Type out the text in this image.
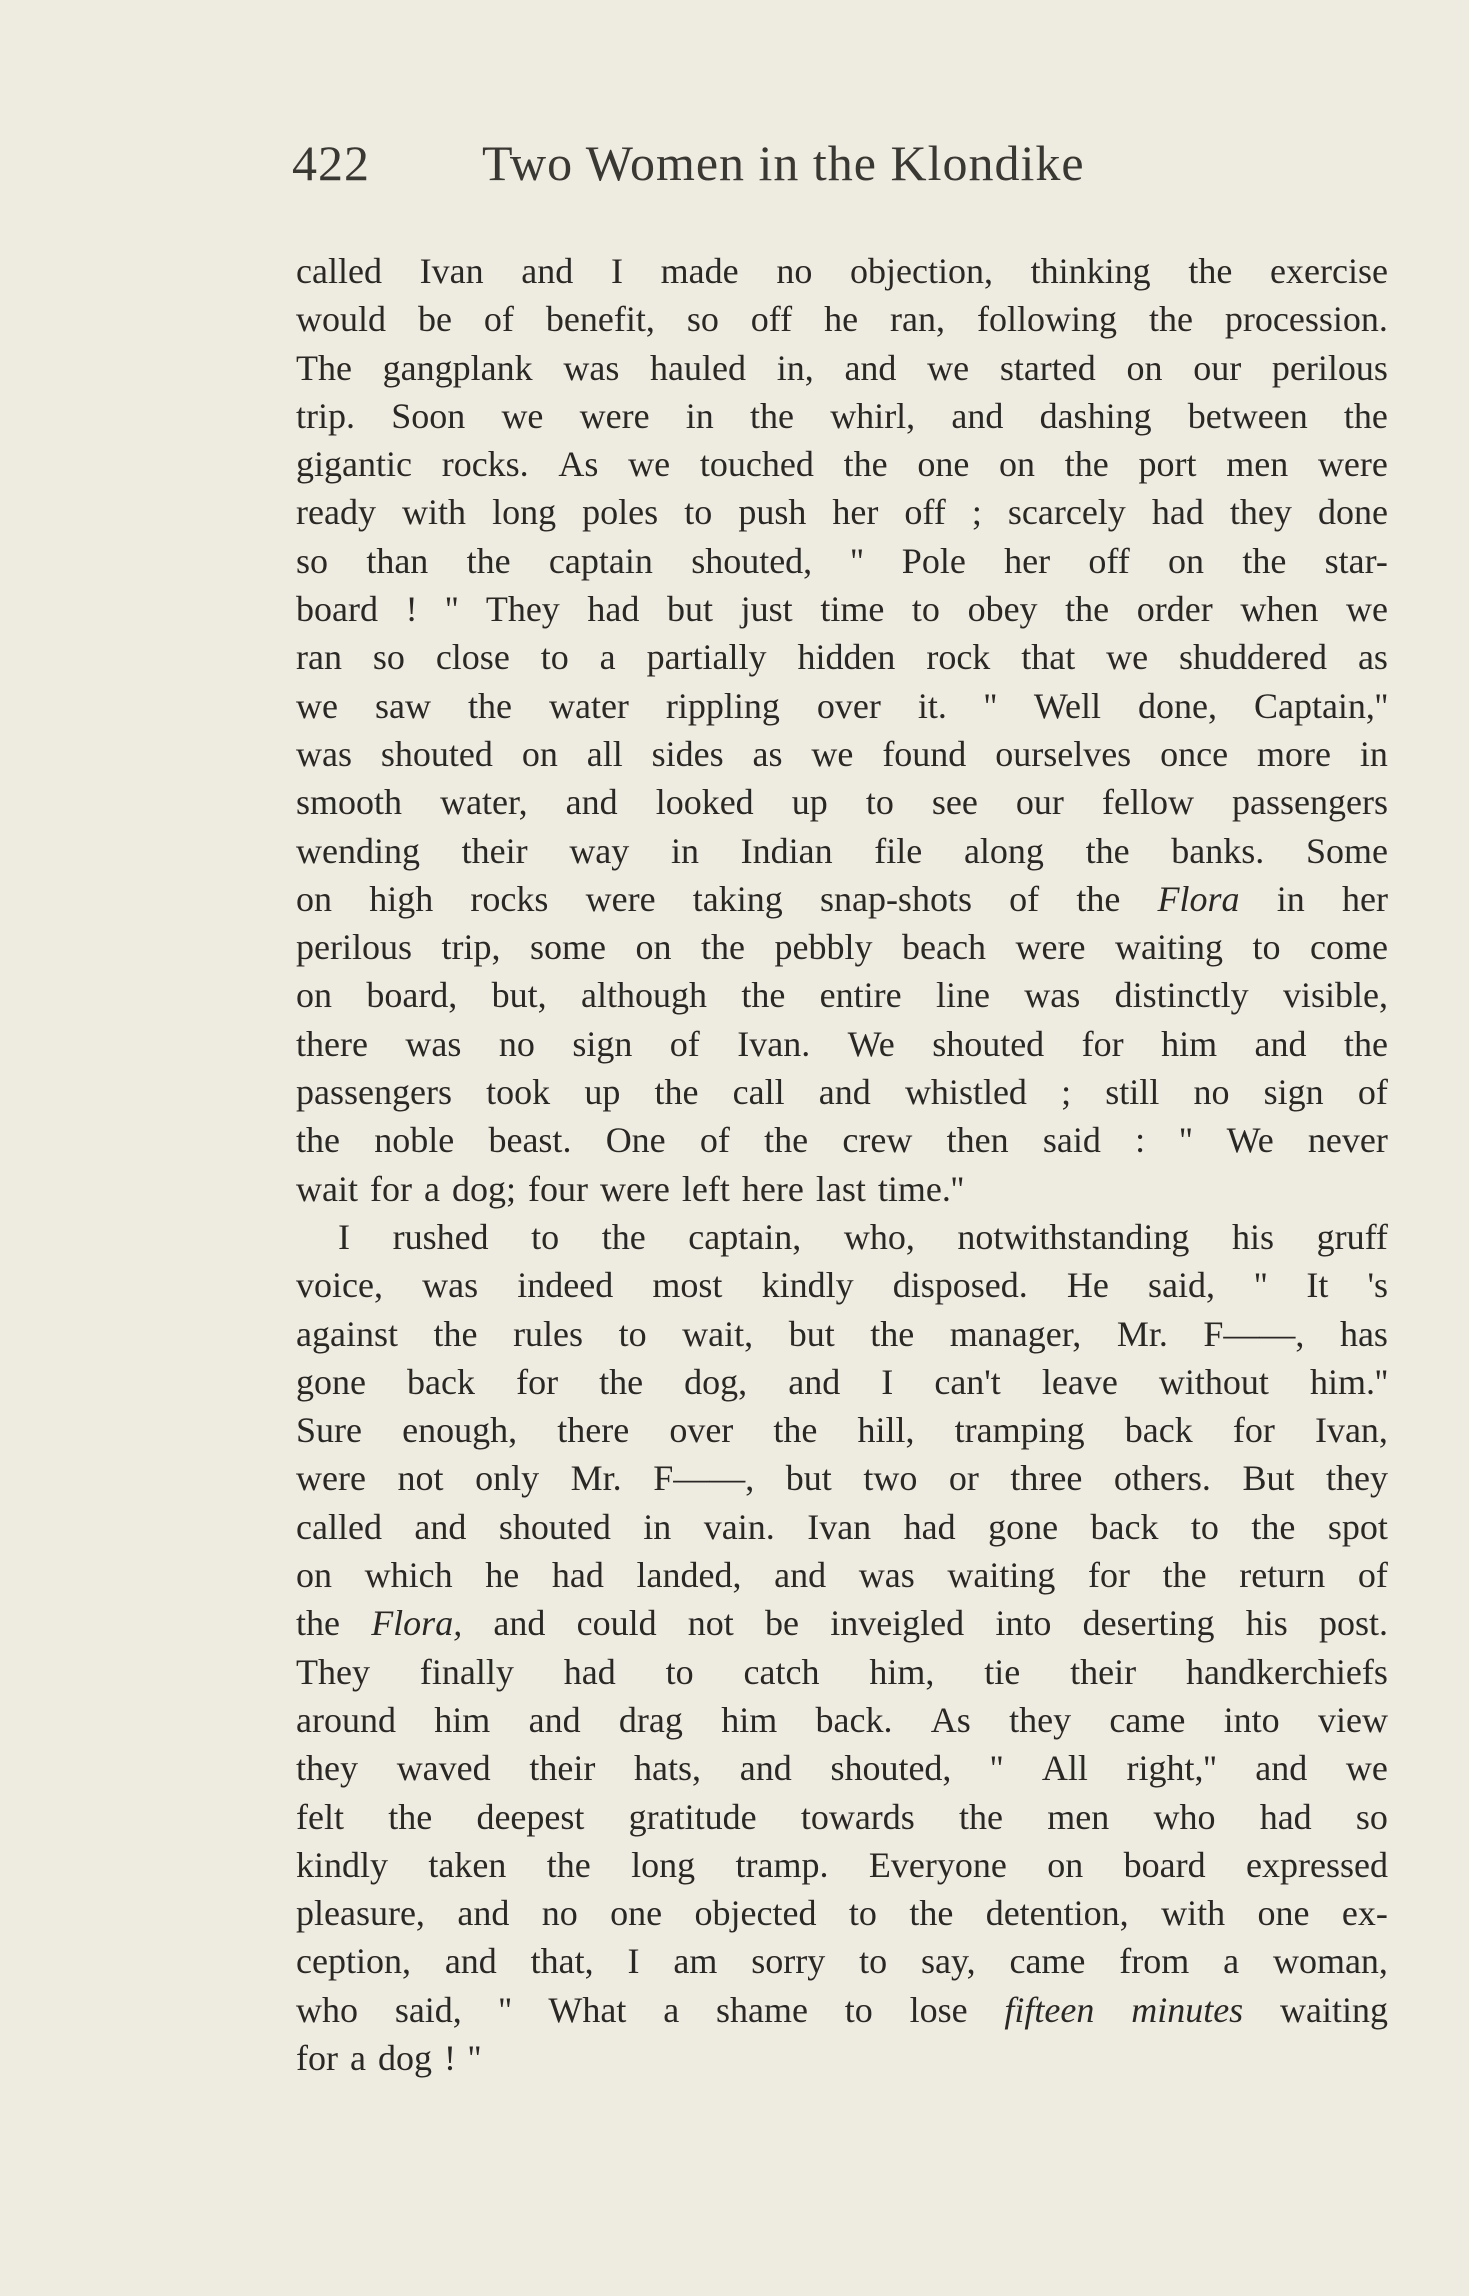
422 Two Women in the Klondike
called Ivan and I made no objection, thinking the exercise
would be of benefit, so off he ran, following the procession.
The gangplank was hauled in, and we started on our perilous
trip. Soon we were in the whirl, and dashing between the
gigantic rocks. As we touched the one on the port men were
ready with long poles to push her off ; scarcely had they done
so than the captain shouted, '' Pole her off on the star-
board ! '' They had but just time to obey the order when we
ran so close to a partially hidden rock that we shuddered as
we saw the water rippling over it. '' Well done, Captain,''
was shouted on all sides as we found ourselves once more in
smooth water, and looked up to see our fellow passengers
wending their way in Indian file along the banks. Some
on high rocks were taking snap-shots of the Flora in her
perilous trip, some on the pebbly beach were waiting to come
on board, but, although the entire line was distinctly visible,
there was no sign of Ivan. We shouted for him and the
passengers took up the call and whistled ; still no sign of
the noble beast. One of the crew then said : '' We never
wait for a dog; four were left here last time.''
I rushed to the captain, who, notwithstanding his gruff
voice, was indeed most kindly disposed. He said, '' It 's
against the rules to wait, but the manager, Mr. F——, has
gone back for the dog, and I can't leave without him.''
Sure enough, there over the hill, tramping back for Ivan,
were not only Mr. F——, but two or three others. But they
called and shouted in vain. Ivan had gone back to the spot
on which he had landed, and was waiting for the return of
the Flora, and could not be inveigled into deserting his post.
They finally had to catch him, tie their handkerchiefs
around him and drag him back. As they came into view
they waved their hats, and shouted, '' All right,'' and we
felt the deepest gratitude towards the men who had so
kindly taken the long tramp. Everyone on board expressed
pleasure, and no one objected to the detention, with one ex-
ception, and that, I am sorry to say, came from a woman,
who said, '' What a shame to lose fifteen minutes waiting
for a dog ! ''
